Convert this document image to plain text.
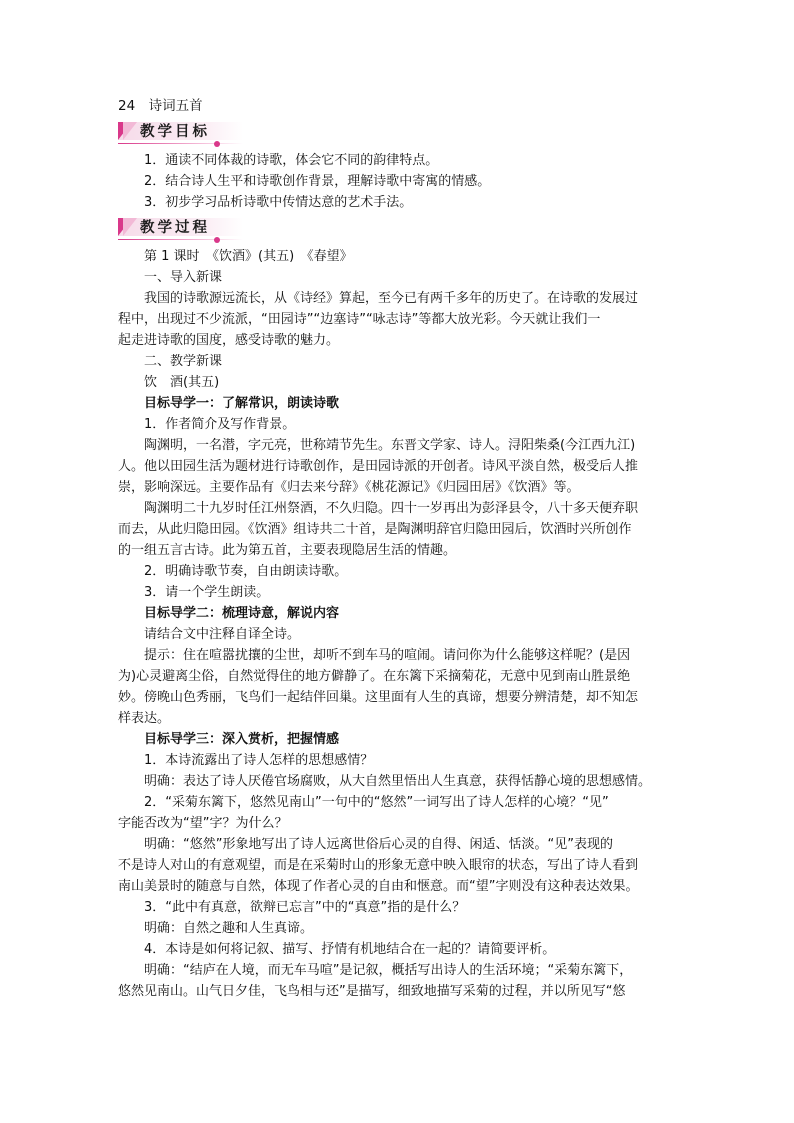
24　诗词五首
教学目标
1．通读不同体裁的诗歌，体会它不同的韵律特点。
2．结合诗人生平和诗歌创作背景，理解诗歌中寄寓的情感。
3．初步学习品析诗歌中传情达意的艺术手法。
教学过程
第 1 课时　《饮酒》(其五)　《春望》
一、导入新课
我国的诗歌源远流长，从《诗经》算起，至今已有两千多年的历史了。在诗歌的发展过
程中，出现过不少流派，“田园诗”“边塞诗”“咏志诗”等都大放光彩。今天就让我们一
起走进诗歌的国度，感受诗歌的魅力。
二、教学新课
饮　酒(其五)
目标导学一：了解常识，朗读诗歌
1．作者简介及写作背景。
陶渊明，一名潜，字元亮，世称靖节先生。东晋文学家、诗人。浔阳柴桑(今江西九江)
人。他以田园生活为题材进行诗歌创作，是田园诗派的开创者。诗风平淡自然，极受后人推
崇，影响深远。主要作品有《归去来兮辞》《桃花源记》《归园田居》《饮酒》等。
陶渊明二十九岁时任江州祭酒，不久归隐。四十一岁再出为彭泽县令，八十多天便弃职
而去，从此归隐田园。《饮酒》组诗共二十首，是陶渊明辞官归隐田园后，饮酒时兴所创作
的一组五言古诗。此为第五首，主要表现隐居生活的情趣。
2．明确诗歌节奏，自由朗读诗歌。
3．请一个学生朗读。
目标导学二：梳理诗意，解说内容
请结合文中注释自译全诗。
提示：住在喧嚣扰攘的尘世，却听不到车马的喧闹。请问你为什么能够这样呢？(是因
为)心灵避离尘俗，自然觉得住的地方僻静了。在东篱下采摘菊花，无意中见到南山胜景绝
妙。傍晚山色秀丽，飞鸟们一起结伴回巢。这里面有人生的真谛，想要分辨清楚，却不知怎
样表达。
目标导学三：深入赏析，把握情感
1．本诗流露出了诗人怎样的思想感情？
明确：表达了诗人厌倦官场腐败，从大自然里悟出人生真意，获得恬静心境的思想感情。
2．“采菊东篱下，悠然见南山”一句中的“悠然”一词写出了诗人怎样的心境？“见”
字能否改为“望”字？为什么？
明确：“悠然”形象地写出了诗人远离世俗后心灵的自得、闲适、恬淡。“见”表现的
不是诗人对山的有意观望，而是在采菊时山的形象无意中映入眼帘的状态，写出了诗人看到
南山美景时的随意与自然，体现了作者心灵的自由和惬意。而“望”字则没有这种表达效果。
3．“此中有真意，欲辩已忘言”中的“真意”指的是什么？
明确：自然之趣和人生真谛。
4．本诗是如何将记叙、描写、抒情有机地结合在一起的？请简要评析。
明确：“结庐在人境，而无车马喧”是记叙，概括写出诗人的生活环境；“采菊东篱下，
悠然见南山。山气日夕佳，飞鸟相与还”是描写，细致地描写采菊的过程，并以所见写“悠
